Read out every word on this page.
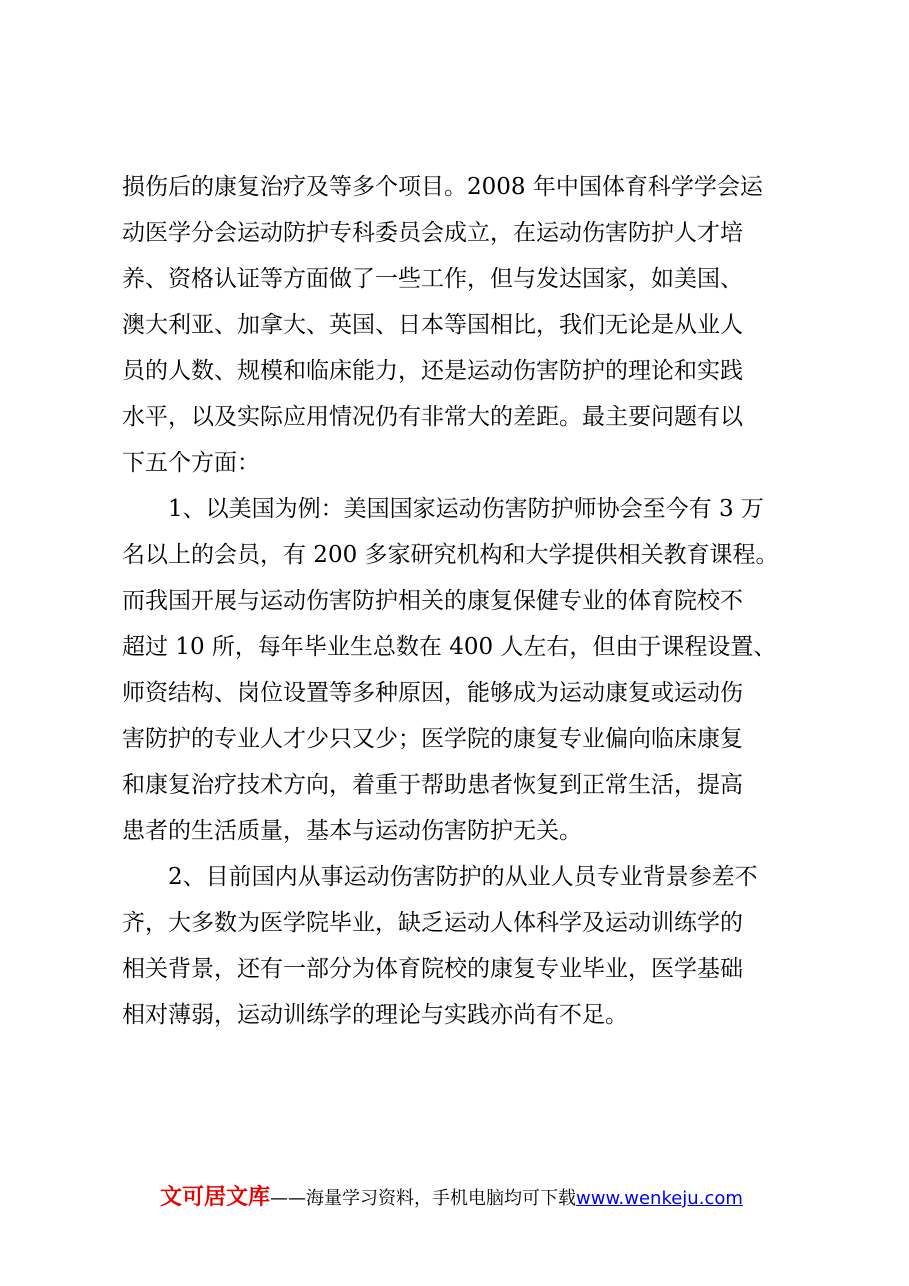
损伤后的康复治疗及等多个项目。2008 年中国体育科学学会运
动医学分会运动防护专科委员会成立，在运动伤害防护人才培
养、资格认证等方面做了一些工作，但与发达国家，如美国、
澳大利亚、加拿大、英国、日本等国相比，我们无论是从业人
员的人数、规模和临床能力，还是运动伤害防护的理论和实践
水平，以及实际应用情况仍有非常大的差距。最主要问题有以
下五个方面：
1、以美国为例：美国国家运动伤害防护师协会至今有 3 万
名以上的会员，有 200 多家研究机构和大学提供相关教育课程。
而我国开展与运动伤害防护相关的康复保健专业的体育院校不
超过 10 所，每年毕业生总数在 400 人左右，但由于课程设置、
师资结构、岗位设置等多种原因，能够成为运动康复或运动伤
害防护的专业人才少只又少；医学院的康复专业偏向临床康复
和康复治疗技术方向，着重于帮助患者恢复到正常生活，提高
患者的生活质量，基本与运动伤害防护无关。
2、目前国内从事运动伤害防护的从业人员专业背景参差不
齐，大多数为医学院毕业，缺乏运动人体科学及运动训练学的
相关背景，还有一部分为体育院校的康复专业毕业，医学基础
相对薄弱，运动训练学的理论与实践亦尚有不足。
文可居文库——海量学习资料，手机电脑均可下载www.wenkeju.com
